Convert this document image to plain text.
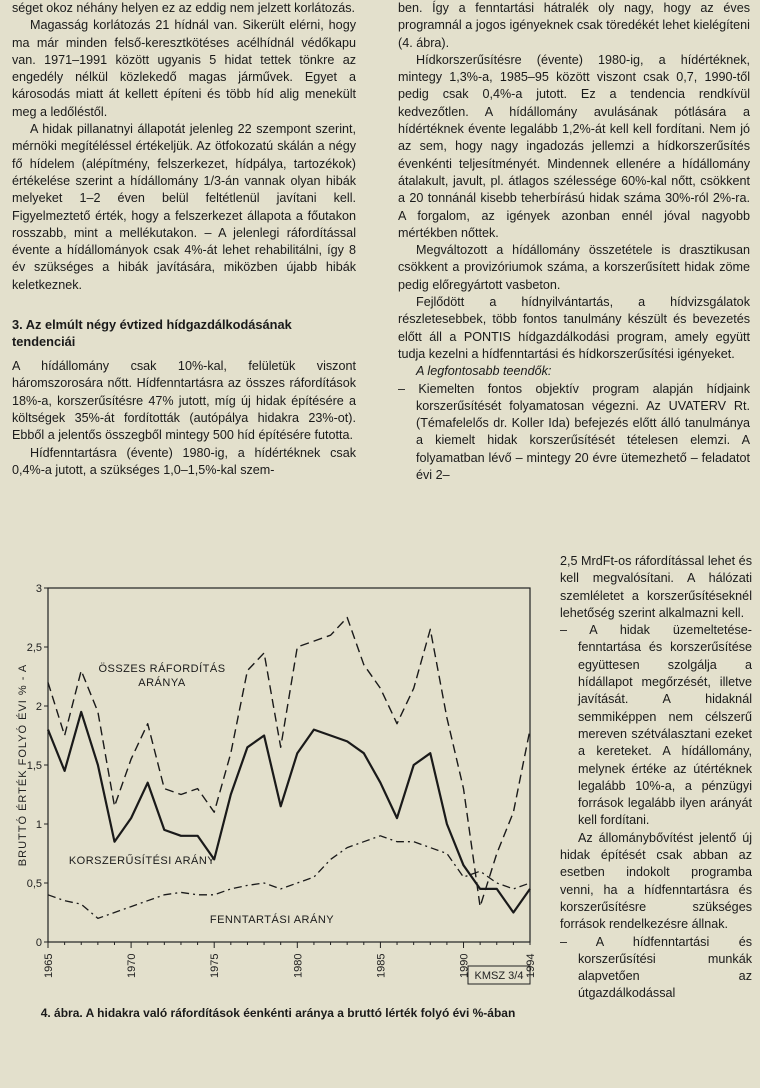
séget okoz néhány helyen ez az eddig nem jelzett korlátozás.

Magasság korlátozás 21 hídnál van. Sikerült elérni, hogy ma már minden felső-keresztkötéses acélhídnál védőkapu van. 1971–1991 között ugyanis 5 hidat tettek tönkre az engedély nélkül közlekedő magas járművek. Egyet a károsodás miatt át kellett építeni és több híd alig menekült meg a ledőléstől.

A hidak pillanatnyi állapotát jelenleg 22 szempont szerint, mérnöki megítéléssel értékeljük. Az ötfokozatú skálán a négy fő hídelem (alépítmény, felszerkezet, hídpálya, tartozékok) értékelése szerint a hídállomány 1/3-án vannak olyan hibák melyeket 1–2 éven belül feltétlenül javítani kell. Figyelmeztető érték, hogy a felszerkezet állapota a főutakon rosszabb, mint a mellékutakon. – A jelenlegi ráfordítással évente a hídállományok csak 4%-át lehet rehabilitálni, így 8 év szükséges a hibák javítására, miközben újabb hibák keletkeznek.

3. Az elmúlt négy évtized hídgazdálkodásának tendenciái

A hídállomány csak 10%-kal, felületük viszont háromszorosára nőtt. Hídfenntartásra az összes ráfordítások 18%-a, korszerűsítésre 47% jutott, míg új hidak építésére a költségek 35%-át fordították (autópálya hidakra 23%-ot). Ebből a jelentős összegből mintegy 500 híd építésére futotta.

Hídfenntartásra (évente) 1980-ig, a hídértéknek csak 0,4%-a jutott, a szükséges 1,0–1,5%-kal szem-

ben. Így a fenntartási hátralék oly nagy, hogy az éves programnál a jogos igényeknek csak töredékét lehet kielégíteni (4. ábra).

Hídkorszerűsítésre (évente) 1980-ig, a hídértéknek, mintegy 1,3%-a, 1985–95 között viszont csak 0,7, 1990-től pedig csak 0,4%-a jutott. Ez a tendencia rendkívül kedvezőtlen. A hídállomány avulásának pótlására a hídértéknek évente legalább 1,2%-át kell kell fordítani. Nem jó az sem, hogy nagy ingadozás jellemzi a hídkorszerűsítés évenkénti teljesítményét. Mindennek ellenére a hídállomány átalakult, javult, pl. átlagos szélessége 60%-kal nőtt, csökkent a 20 tonnánál kisebb teherbírású hidak száma 30%-ról 2%-ra. A forgalom, az igények azonban ennél jóval nagyobb mértékben nőttek.

Megváltozott a hídállomány összetétele is drasztikusan csökkent a provizóriumok száma, a korszerűsített hidak zöme pedig előregyártott vasbeton.

Fejlődött a hídnyilvántartás, a hídvizsgálatok részletesebbek, több fontos tanulmány készült és bevezetés előtt áll a PONTIS hídgazdálkodási program, amely együtt tudja kezelni a hídfenntartási és hídkorszerűsítési igényeket.

A legfontosabb teendők:

– Kiemelten fontos objektív program alapján hídjaink korszerűsítését folyamatosan végezni. Az UVATERV Rt. (Témafelelős dr. Koller Ida) befejezés előtt álló tanulmánya a kiemelt hidak korszerűsítését tételesen elemzi. A folyamatban lévő – mintegy 20 évre ütemezhető – feladatot évi 2–

2,5 MrdFt-os ráfordítással lehet és kell megvalósítani. A hálózati szemléletet a korszerűsítéseknél lehetőség szerint alkalmazni kell.

– A hidak üzemeltetése-fenntartása és korszerűsítése együttesen szolgálja a hídállapot megőrzését, illetve javítását. A hidaknál semmiképpen nem célszerű mereven szétválasztani ezeket a kereteket. A hídállomány, melynek értéke az útértéknek legalább 10%-a, a pénzügyi források legalább ilyen arányát kell fordítani.

Az állománybővítést jelentő új hidak építését csak abban az esetben indokolt programba venni, ha a hídfenntartásra és korszerűsítésre szükséges források rendelkezésre állnak.

– A hídfenntartási és korszerűsítési munkák alapvetően az útgazdálkodással

0
0,5
1
1,5
2
2,5
3
1965	1970	1975	1980	1985	1990	1994
BRUTTÓ ÉRTÉK FOLYÓ ÉVI % - A
KMSZ 3/4
ÖSSZES RÁFORDÍTÁS
ARÁNYA
KORSZERŰSÍTÉSI ARÁNY
FENNTARTÁSI ARÁNY
4. ábra. A hidakra való ráfordítások éenkénti aránya a bruttó lérték folyó évi %-ában
